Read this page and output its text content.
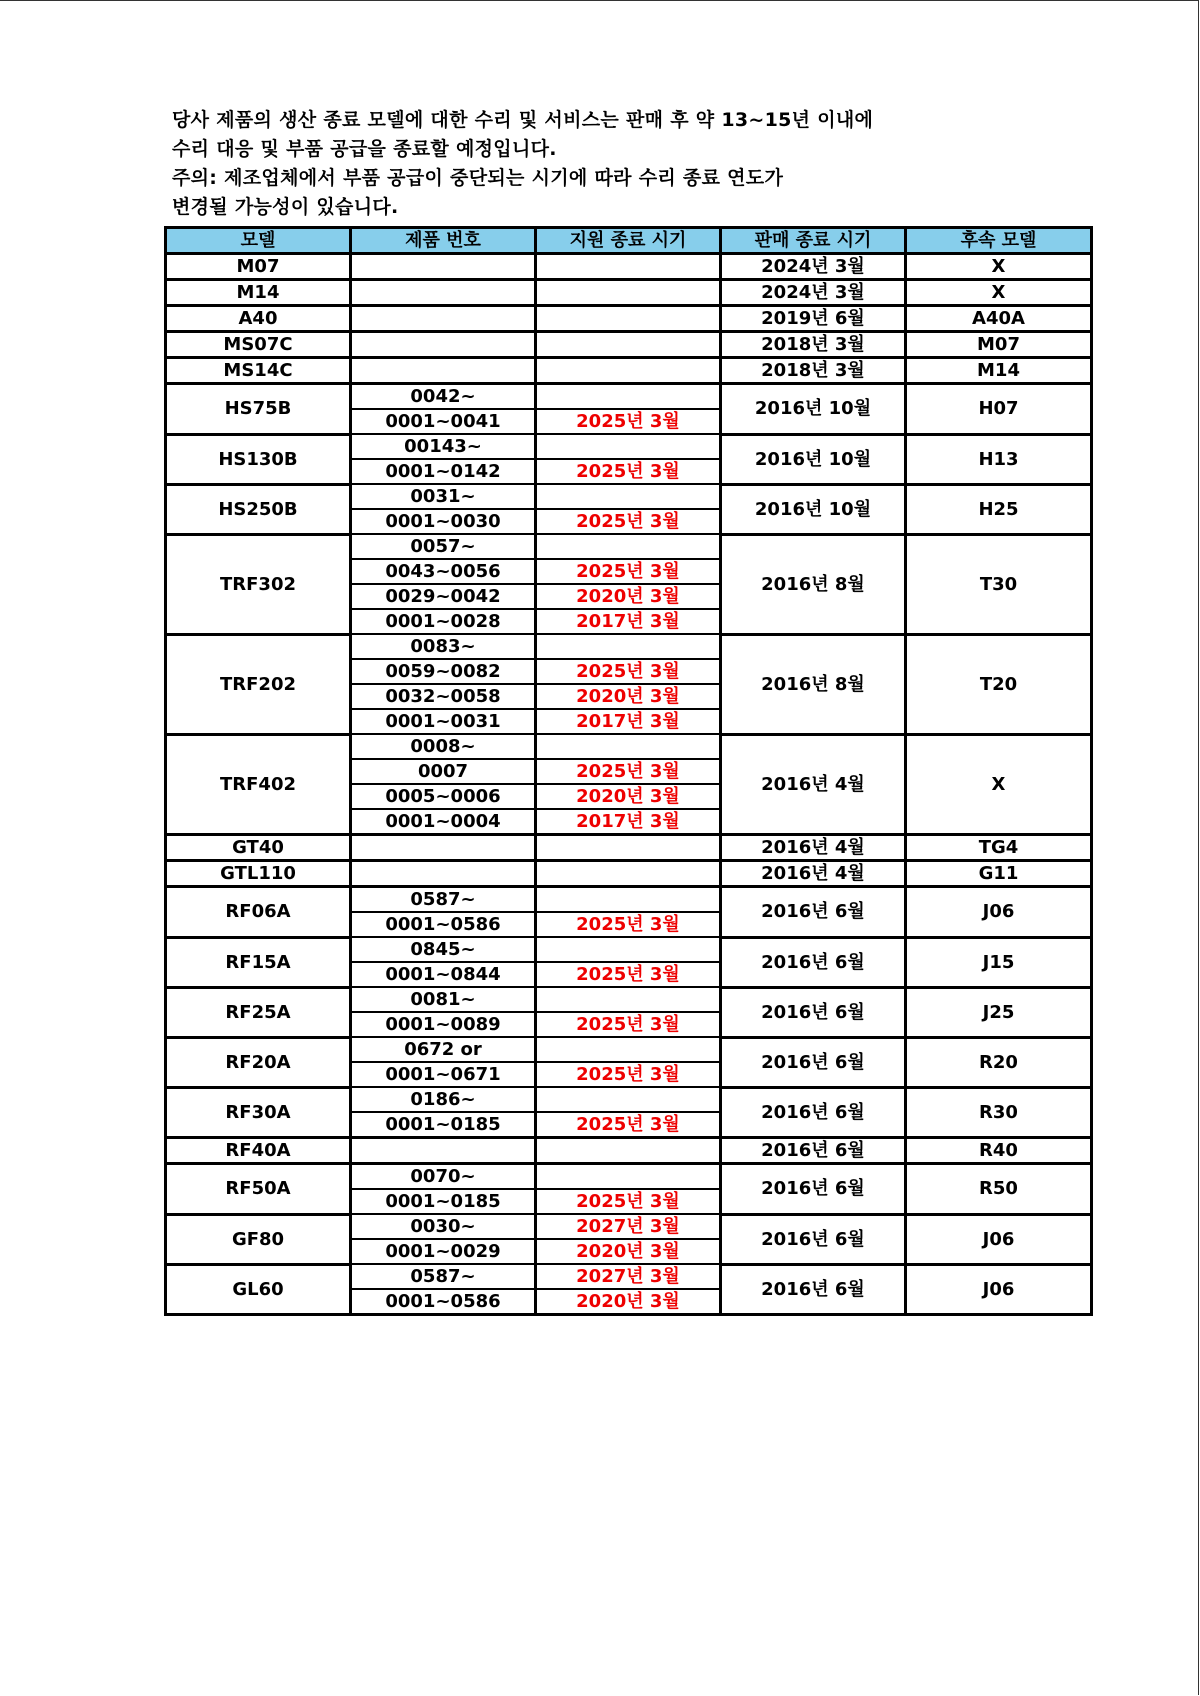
당사 제품의 생산 종료 모델에 대한 수리 및 서비스는 판매 후 약 13~15년 이내에
수리 대응 및 부품 공급을 종료할 예정입니다.
주의: 제조업체에서 부품 공급이 중단되는 시기에 따라 수리 종료 연도가
변경될 가능성이 있습니다.
모델	제품 번호	지원 종료 시기	판매 종료 시기	후속 모델
M07			2024년 3월	X
M14			2024년 3월	X
A40			2019년 6월	A40A
MS07C			2018년 3월	M07
MS14C			2018년 3월	M14
HS75B	0042~		2016년 10월	H07
	0001~0041	2025년 3월		
HS130B	00143~		2016년 10월	H13
	0001~0142	2025년 3월		
HS250B	0031~		2016년 10월	H25
	0001~0030	2025년 3월		
TRF302	0057~		2016년 8월	T30
	0043~0056	2025년 3월		
	0029~0042	2020년 3월		
	0001~0028	2017년 3월		
TRF202	0083~		2016년 8월	T20
	0059~0082	2025년 3월		
	0032~0058	2020년 3월		
	0001~0031	2017년 3월		
TRF402	0008~		2016년 4월	X
	0007	2025년 3월		
	0005~0006	2020년 3월		
	0001~0004	2017년 3월		
GT40			2016년 4월	TG4
GTL110			2016년 4월	G11
RF06A	0587~		2016년 6월	J06
	0001~0586	2025년 3월		
RF15A	0845~		2016년 6월	J15
	0001~0844	2025년 3월		
RF25A	0081~		2016년 6월	J25
	0001~0089	2025년 3월		
RF20A	0672 or		2016년 6월	R20
	0001~0671	2025년 3월		
RF30A	0186~		2016년 6월	R30
	0001~0185	2025년 3월		
RF40A			2016년 6월	R40
RF50A	0070~		2016년 6월	R50
	0001~0185	2025년 3월		
GF80	0030~	2027년 3월	2016년 6월	J06
	0001~0029	2020년 3월		
GL60	0587~	2027년 3월	2016년 6월	J06
	0001~0586	2020년 3월		
